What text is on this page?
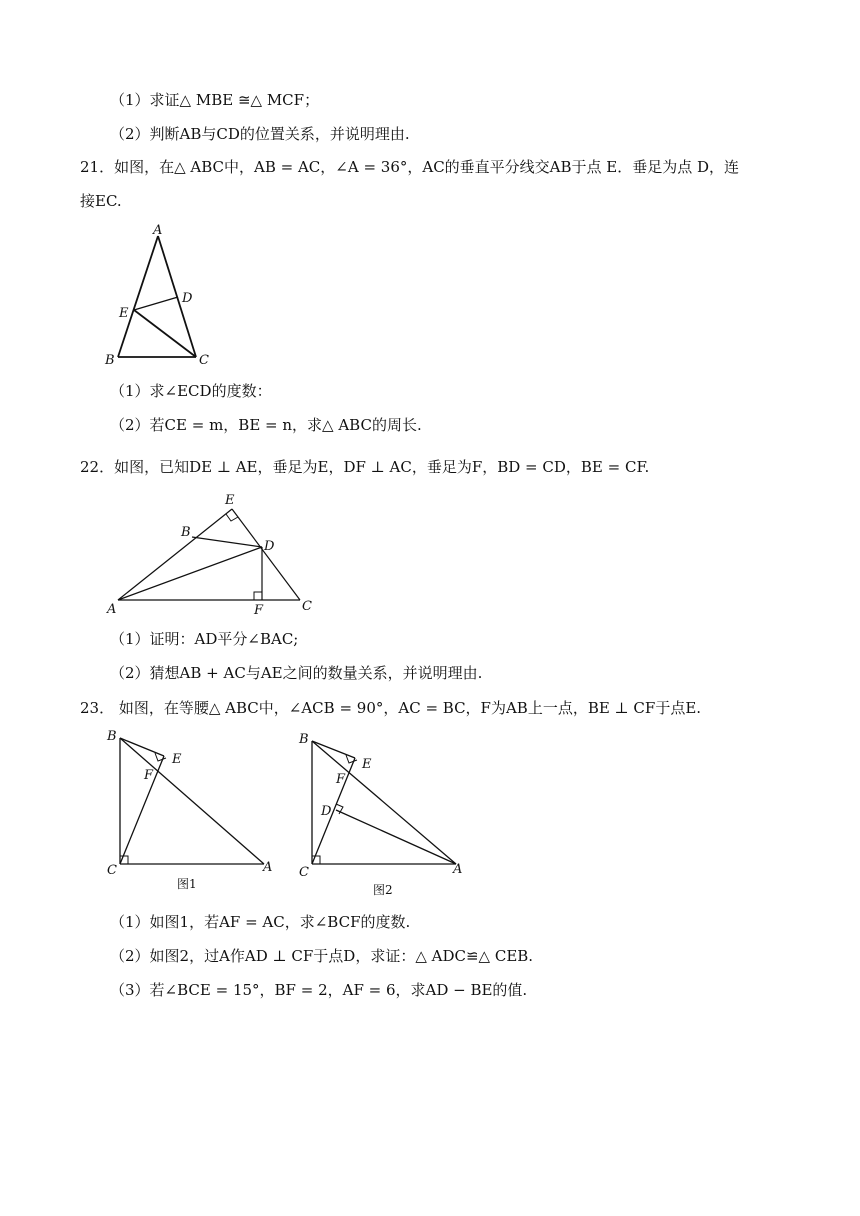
（1）求证△ MBE ≅△ MCF；
（2）判断AB与CD的位置关系，并说明理由.
21．如图，在△ ABC中，AB = AC，∠A = 36°，AC的垂直平分线交AB于点 E．垂足为点 D，连
接EC.
A
D
E
B	C
（1）求∠ECD的度数：
（2）若CE = m，BE = n，求△ ABC的周长.
22．如图，已知DE ⊥ AE，垂足为E，DF ⊥ AC，垂足为F，BD = CD，BE = CF.
E
B
D
A	F	C
（1）证明：AD平分∠BAC;
（2）猜想AB + AC与AE之间的数量关系，并说明理由.
23． 如图，在等腰△ ABC中，∠ACB = 90°，AC = BC，F为AB上一点，BE ⊥ CF于点E.
B
E
F
C	A
图1
B
E
F
D
C	A
图2
（1）如图1，若AF = AC，求∠BCF的度数.
（2）如图2，过A作AD ⊥ CF于点D，求证：△ ADC≌△ CEB.
（3）若∠BCE = 15°，BF = 2，AF = 6，求AD − BE的值.
